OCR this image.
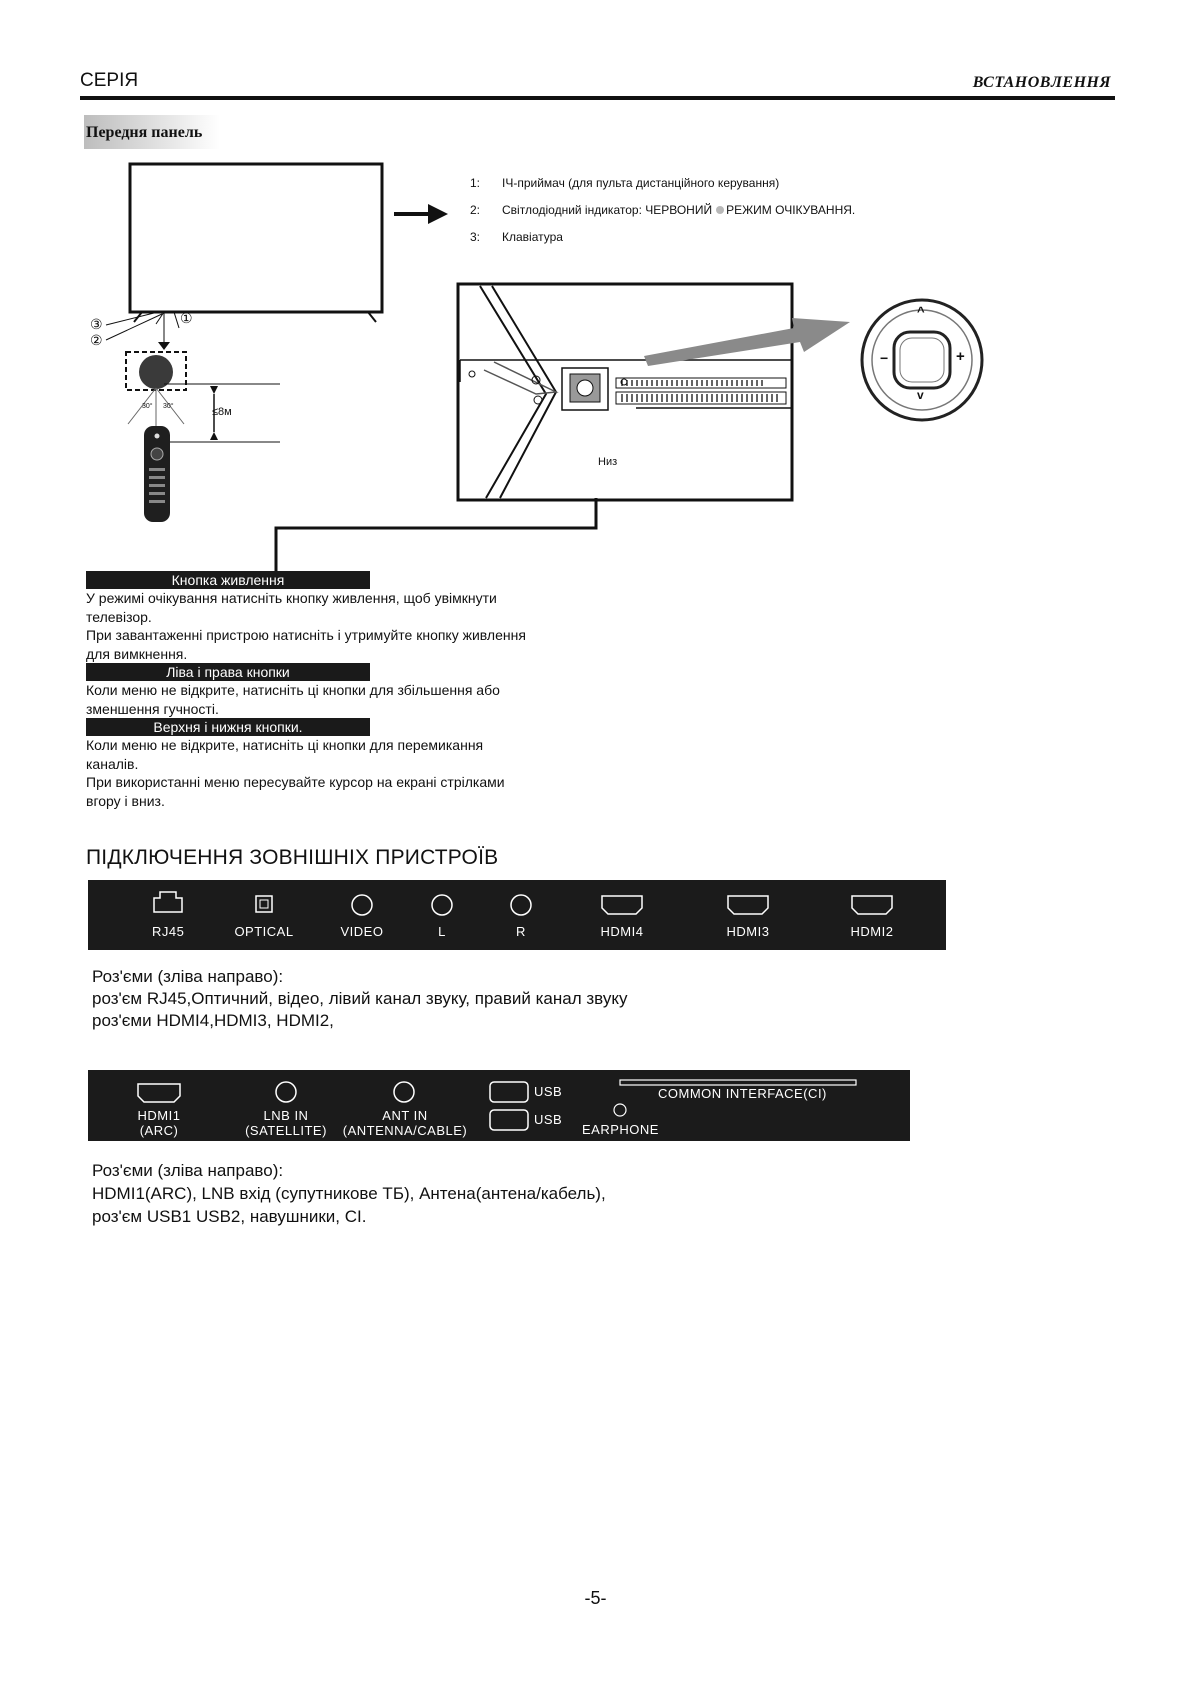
СЕРІЯ	ВСТАНОВЛЕННЯ
Передня панель
③
②
①
≤8м
30° 30°
1: ІЧ-приймач (для пульта дистанційного керування)
2: Світлодіодний індикатор: ЧЕРВОНИЙ РЕЖИМ ОЧІКУВАННЯ.
3: Клавіатура
Низ
^
v
−	+
Кнопка живлення
У режимі очікування натисніть кнопку живлення, щоб увімкнути
телевізор.
При завантаженні пристрою натисніть і утримуйте кнопку живлення
для вимкнення.
Ліва і права кнопки
Коли меню не відкрите, натисніть ці кнопки для збільшення або
зменшення гучності.
Верхня і нижня кнопки.
Коли меню не відкрите, натисніть ці кнопки для перемикання
каналів.
При використанні меню пересувайте курсор на екрані стрілками
вгору і вниз.
ПІДКЛЮЧЕННЯ ЗОВНІШНІХ ПРИСТРОЇВ
RJ45	OPTICAL	VIDEO	L	R	HDMI4	HDMI3	HDMI2
Роз'єми (зліва направо):
роз'єм RJ45,Оптичний, відео, лівий канал звуку, правий канал звуку
роз'єми HDMI4,HDMI3, HDMI2,
HDMI1
(ARC)
LNB IN
(SATELLITE)
ANT IN
(ANTENNA/CABLE)
USB
USB
COMMON INTERFACE(CI)
EARPHONE
Роз'єми (зліва направо):
HDMI1(ARC), LNB вхід (супутникове ТБ), Антена(антена/кабель),
роз'єм USB1 USB2, навушники, CI.
-5-
